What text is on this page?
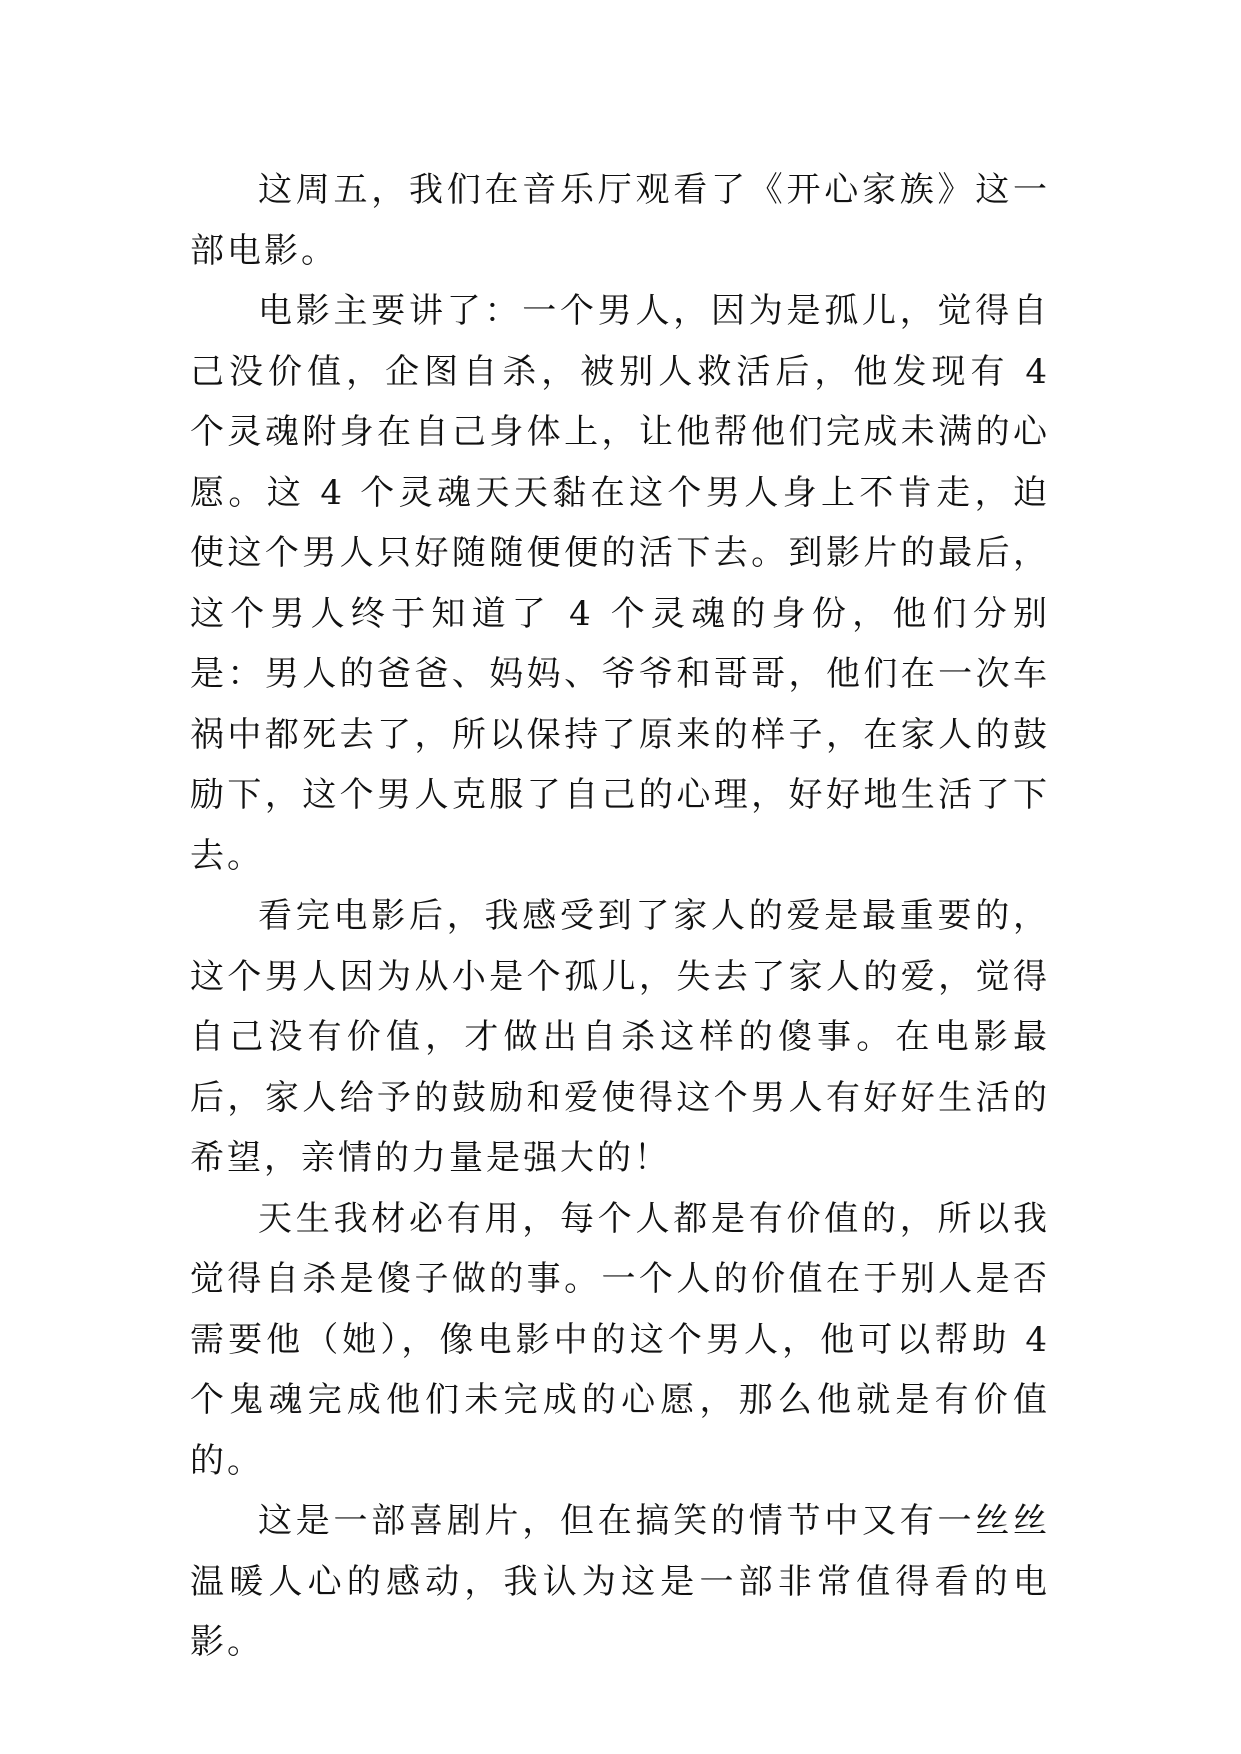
这周五，我们在音乐厅观看了《开心家族》这一部电影。

电影主要讲了：一个男人，因为是孤儿，觉得自己没价值，企图自杀，被别人救活后，他发现有 4 个灵魂附身在自己身体上，让他帮他们完成未满的心愿。这 4 个灵魂天天黏在这个男人身上不肯走，迫使这个男人只好随随便便的活下去。到影片的最后，这个男人终于知道了 4 个灵魂的身份，他们分别是：男人的爸爸、妈妈、爷爷和哥哥，他们在一次车祸中都死去了，所以保持了原来的样子，在家人的鼓励下，这个男人克服了自己的心理，好好地生活了下去。

看完电影后，我感受到了家人的爱是最重要的，这个男人因为从小是个孤儿，失去了家人的爱，觉得自己没有价值，才做出自杀这样的傻事。在电影最后，家人给予的鼓励和爱使得这个男人有好好生活的希望，亲情的力量是强大的！

天生我材必有用，每个人都是有价值的，所以我觉得自杀是傻子做的事。一个人的价值在于别人是否需要他（她），像电影中的这个男人，他可以帮助 4 个鬼魂完成他们未完成的心愿，那么他就是有价值的。

这是一部喜剧片，但在搞笑的情节中又有一丝丝温暖人心的感动，我认为这是一部非常值得看的电影。
